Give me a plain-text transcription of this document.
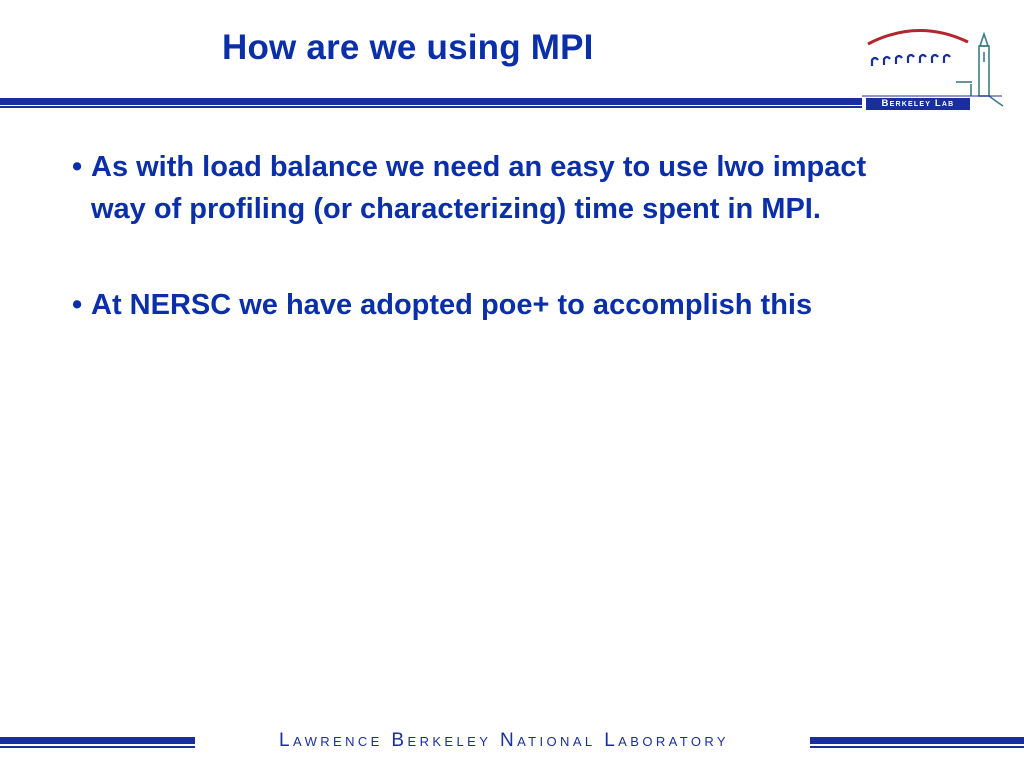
How are we using MPI
Berkeley Lab
• As with load balance we need an easy to use lwo impact way of profiling (or characterizing) time spent in MPI.
• At NERSC we have adopted poe+ to accomplish this
Lawrence Berkeley National Laboratory
